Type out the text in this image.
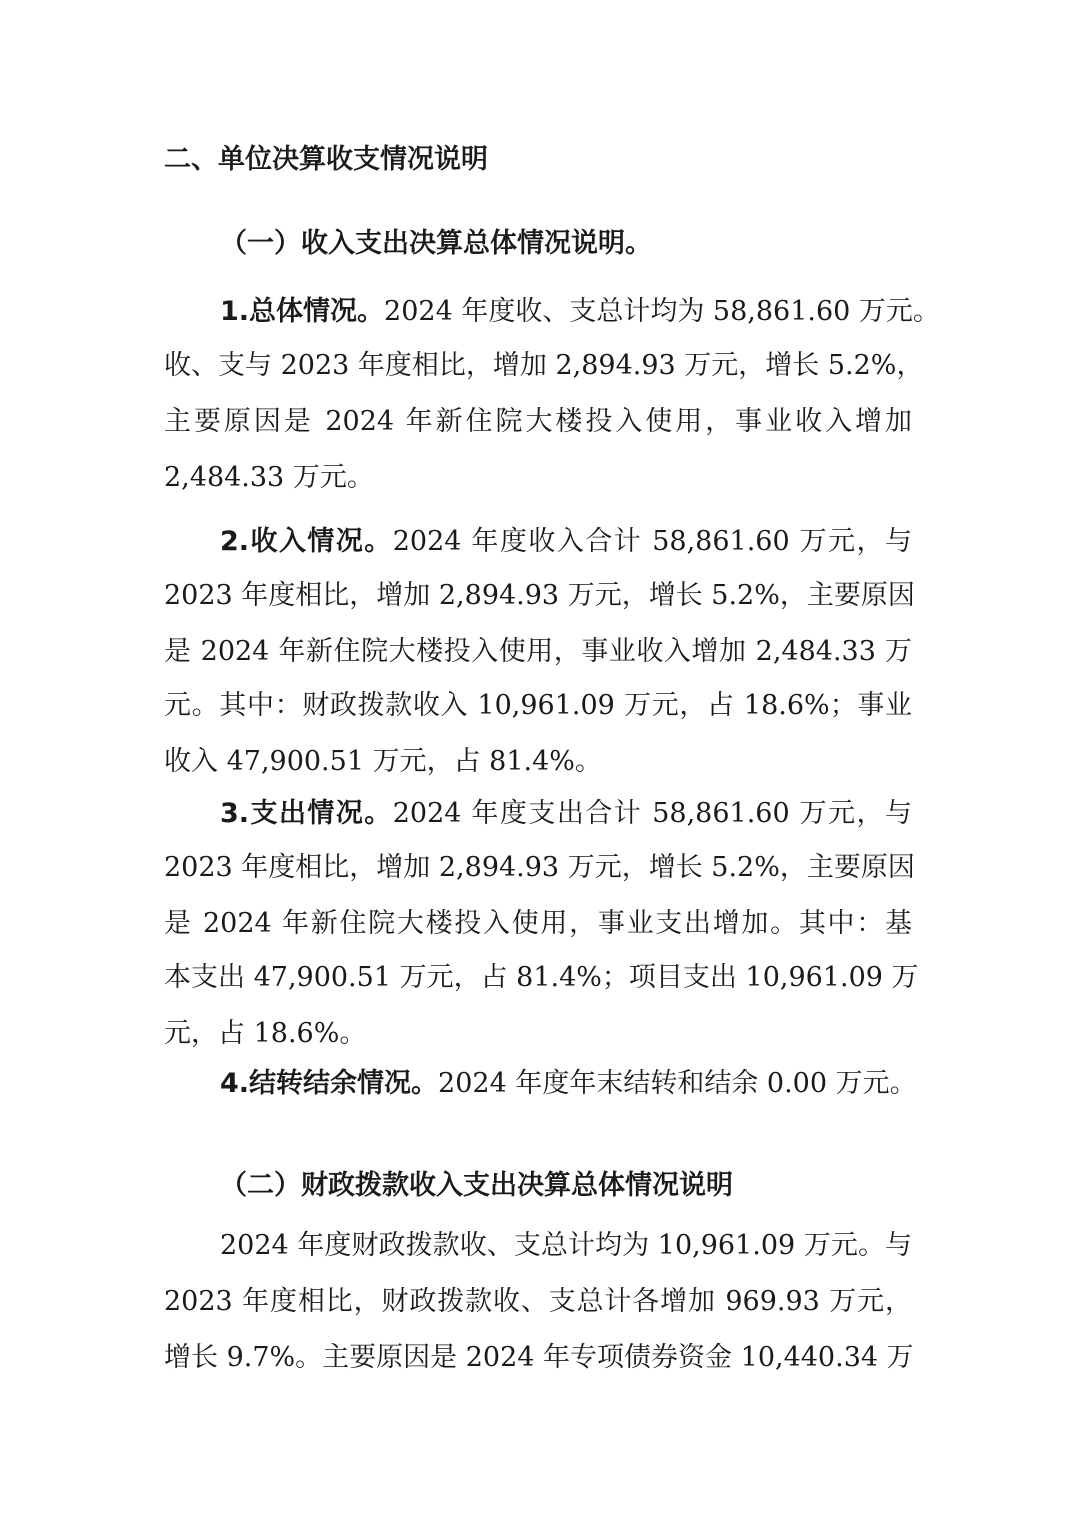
二、单位决算收支情况说明
（一）收入支出决算总体情况说明。
1.总体情况。2024 年度收、支总计均为 58,861.60 万元。
收、支与 2023 年度相比，增加 2,894.93 万元，增长 5.2%，
主要原因是 2024 年新住院大楼投入使用，事业收入增加
2,484.33 万元。
2.收入情况。2024 年度收入合计 58,861.60 万元，与
2023 年度相比，增加 2,894.93 万元，增长 5.2%，主要原因
是 2024 年新住院大楼投入使用，事业收入增加 2,484.33 万
元。其中：财政拨款收入 10,961.09 万元，占 18.6%；事业
收入 47,900.51 万元，占 81.4%。
3.支出情况。2024 年度支出合计 58,861.60 万元，与
2023 年度相比，增加 2,894.93 万元，增长 5.2%，主要原因
是 2024 年新住院大楼投入使用，事业支出增加。其中：基
本支出 47,900.51 万元，占 81.4%；项目支出 10,961.09 万
元，占 18.6%。
4.结转结余情况。2024 年度年末结转和结余 0.00 万元。
（二）财政拨款收入支出决算总体情况说明
2024 年度财政拨款收、支总计均为 10,961.09 万元。与
2023 年度相比，财政拨款收、支总计各增加 969.93 万元，
增长 9.7%。主要原因是 2024 年专项债券资金 10,440.34 万
